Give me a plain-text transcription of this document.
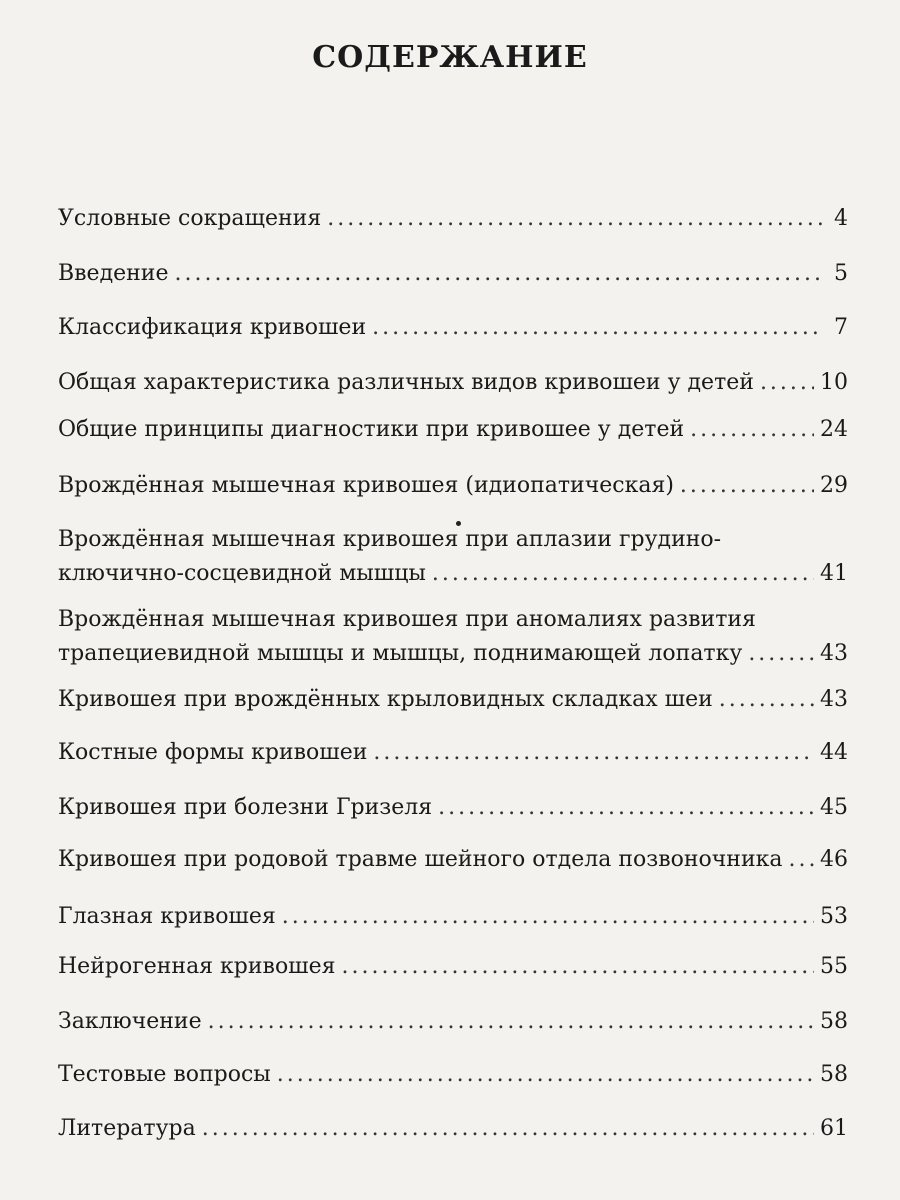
СОДЕРЖАНИЕ
Условные сокращения .....	4
Введение .....	5
Классификация кривошеи .....	7
Общая характеристика различных видов кривошеи у детей .....	10
Общие принципы диагностики при кривошее у детей .....	24
Врождённая мышечная кривошея (идиопатическая) .....	29
Врождённая мышечная кривошея при аплазии грудино-
ключично-сосцевидной мышцы .....	41
Врождённая мышечная кривошея при аномалиях развития
трапециевидной мышцы и мышцы, поднимающей лопатку .....	43
Кривошея при врождённых крыловидных складках шеи .....	43
Костные формы кривошеи .....	44
Кривошея при болезни Гризеля .....	45
Кривошея при родовой травме шейного отдела позвоночника ..... 46
Глазная кривошея .....	53
Нейрогенная кривошея .....	55
Заключение .....	58
Тестовые вопросы .....	58
Литература .....	61
